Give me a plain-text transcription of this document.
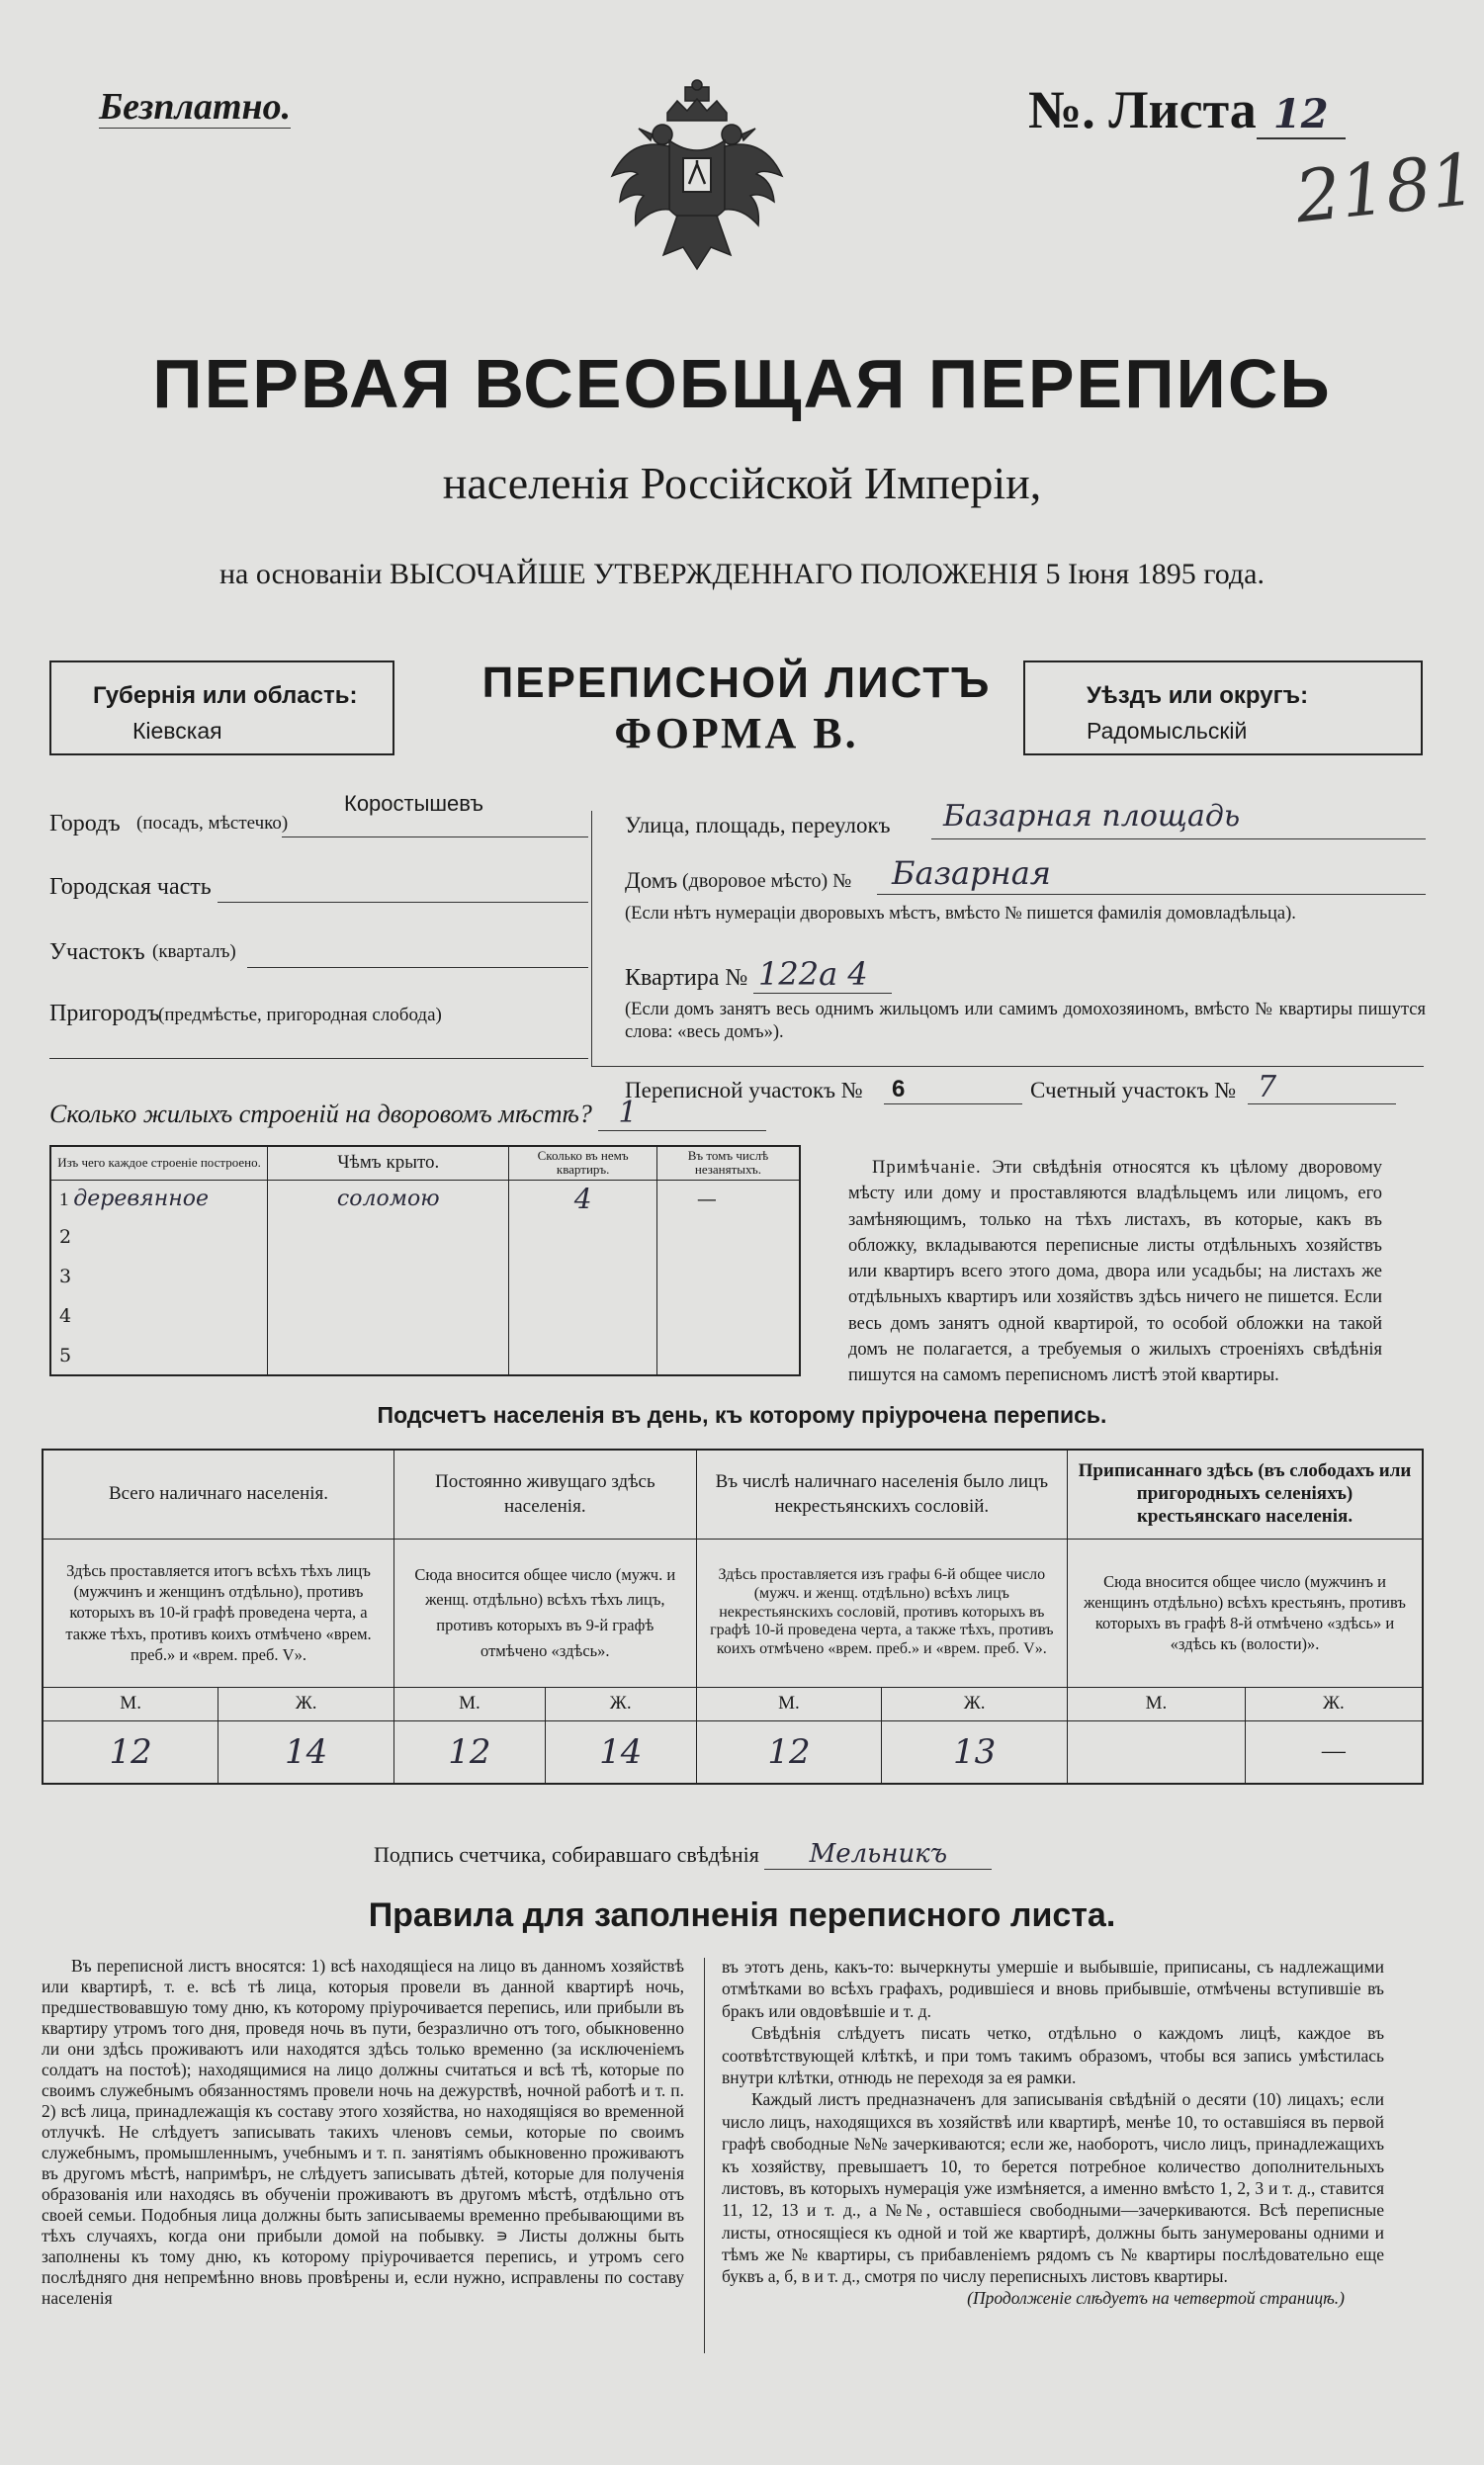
Безплатно.	№. Листа 12
2181
ПЕРВАЯ ВСЕОБЩАЯ ПЕРЕПИСЬ
населенія Россійской Имперіи,
на основаніи ВЫСОЧАЙШЕ УТВЕРЖДЕННАГО ПОЛОЖЕНІЯ 5 Іюня 1895 года.
Губернія или область:
Кіевская
ПЕРЕПИСНОЙ ЛИСТЪ
ФОРМА В.
Уѣздъ или округъ:
Радомысльскій
Городъ (посадъ, мѣстечко)
Коростышевъ
Городская часть
Участокъ (кварталъ)
Пригородъ
(предмѣстье, пригородная слобода)
Улица, площадь, переулокъ Базарная площадь
Домъ (дворовое мѣсто) № Базарная
(Если нѣтъ нумераціи дворовыхъ мѣстъ, вмѣсто № пишется фамилія домовладѣльца).
Квартира № 122а 4
(Если домъ занятъ весь однимъ жильцомъ или самимъ домохозяиномъ, вмѣсто № квартиры пишутся слова: «весь домъ»).
Переписной участокъ № 6	Счетный участокъ № 7
Сколько жилыхъ строеній на дворовомъ мѣстѣ? 1
Изъ чего каждое строеніе построено.	Чѣмъ крыто.	Сколько въ немъ квартиръ.	Въ томъ числѣ незанятыхъ.
1 деревянное	соломою	4	—
2			
3			
4			
5			
Примѣчаніе. Эти свѣдѣнія относятся къ цѣлому дворовому мѣсту или дому и проставляются владѣльцемъ или лицомъ, его замѣняющимъ, только на тѣхъ листахъ, въ которые, какъ въ обложку, вкладываются переписные листы отдѣльныхъ хозяйствъ или квартиръ всего этого дома, двора или усадьбы; на листахъ же отдѣльныхъ квартиръ или хозяйствъ здѣсь ничего не пишется. Если весь домъ занятъ одной квартирой, то особой обложки на такой домъ не полагается, а требуемыя о жилыхъ строеніяхъ свѣдѣнія пишутся на самомъ переписномъ листѣ этой квартиры.
Подсчетъ населенія въ день, къ которому пріурочена перепись.
Всего наличнаго населенія.		Постоянно живущаго здѣсь населенія.		Въ числѣ наличнаго населенія было лицъ некрестьянскихъ сословій.		Приписаннаго здѣсь (въ слободахъ или пригородныхъ селеніяхъ) крестьянскаго населенія.	
Здѣсь проставляется итогъ всѣхъ тѣхъ лицъ (мужчинъ и женщинъ отдѣльно), противъ которыхъ въ 10-й графѣ проведена черта, а также тѣхъ, противъ коихъ отмѣчено «врем. преб.» и «врем. преб. V».		Сюда вносится общее число (мужч. и женщ. отдѣльно) всѣхъ тѣхъ лицъ, противъ которыхъ въ 9-й графѣ отмѣчено «здѣсь».		Здѣсь проставляется изъ графы 6-й общее число (мужч. и женщ. отдѣльно) всѣхъ лицъ некрестьянскихъ сословій, противъ которыхъ въ графѣ 10-й проведена черта, а также тѣхъ, противъ коихъ отмѣчено «врем. преб.» и «врем. преб. V».		Сюда вносится общее число (мужчинъ и женщинъ отдѣльно) всѣхъ крестьянъ, противъ которыхъ въ графѣ 8-й отмѣчено «здѣсь» и «здѣсь къ (волости)».	
М.	Ж.	М.	Ж.	М.	Ж.	М.	Ж.
12	14	12	14	12	13		—
Подпись счетчика, собиравшаго свѣдѣнія Мельникъ
Правила для заполненія переписного листа.
Въ переписной листъ вносятся: 1) всѣ находящіеся на лицо въ данномъ хозяйствѣ или квартирѣ, т. е. всѣ тѣ лица, которыя провели въ данной квартирѣ ночь, предшествовавшую тому дню, къ которому пріурочивается перепись, или прибыли въ квартиру утромъ того дня, проведя ночь въ пути, безразлично отъ того, обыкновенно ли они здѣсь проживаютъ или находятся здѣсь только временно (за исключеніемъ солдатъ на постоѣ); находящимися на лицо должны считаться и всѣ тѣ, которые по своимъ служебнымъ обязанностямъ провели ночь на дежурствѣ, ночной работѣ и т. п. 2) всѣ лица, принадлежащія къ составу этого хозяйства, но находящіяся во временной отлучкѣ. Не слѣдуетъ записывать такихъ членовъ семьи, которые по своимъ служебнымъ, промышленнымъ, учебнымъ и т. п. занятіямъ обыкновенно проживаютъ въ другомъ мѣстѣ, напримѣръ, не слѣдуетъ записывать дѣтей, которые для полученія образованія или находясь въ обученіи проживаютъ въ другомъ мѣстѣ, отдѣльно отъ своей семьи. Подобныя лица должны быть записываемы временно пребывающими въ тѣхъ случаяхъ, когда они прибыли домой на побывку. ∍ Листы должны быть заполнены къ тому дню, къ которому пріурочивается перепись, и утромъ сего послѣдняго дня непремѣнно вновь провѣрены и, если нужно, исправлены по составу населенія
въ этотъ день, какъ-то: вычеркнуты умершіе и выбывшіе, приписаны, съ надлежащими отмѣтками во всѣхъ графахъ, родившіеся и вновь прибывшіе, отмѣчены вступившіе въ бракъ или овдовѣвшіе и т. д.
Свѣдѣнія слѣдуетъ писать четко, отдѣльно о каждомъ лицѣ, каждое въ соотвѣтствующей клѣткѣ, и при томъ такимъ образомъ, чтобы вся запись умѣстилась внутри клѣтки, отнюдь не переходя за ея рамки.
Каждый листъ предназначенъ для записыванія свѣдѣній о десяти (10) лицахъ; если число лицъ, находящихся въ хозяйствѣ или квартирѣ, менѣе 10, то оставшіяся въ первой графѣ свободные №№ зачеркиваются; если же, наоборотъ, число лицъ, принадлежащихъ къ хозяйству, превышаетъ 10, то берется потребное количество дополнительныхъ листовъ, въ которыхъ нумерація уже измѣняется, а именно вмѣсто 1, 2, 3 и т. д., ставится 11, 12, 13 и т. д., а №№, оставшіеся свободными—зачеркиваются. Всѣ переписные листы, относящіеся къ одной и той же квартирѣ, должны быть занумерованы одними и тѣмъ же № квартиры, съ прибавленіемъ рядомъ съ № квартиры послѣдовательно еще буквъ а, б, в и т. д., смотря по числу переписныхъ листовъ квартиры.
(Продолженіе слѣдуетъ на четвертой страницѣ.)
